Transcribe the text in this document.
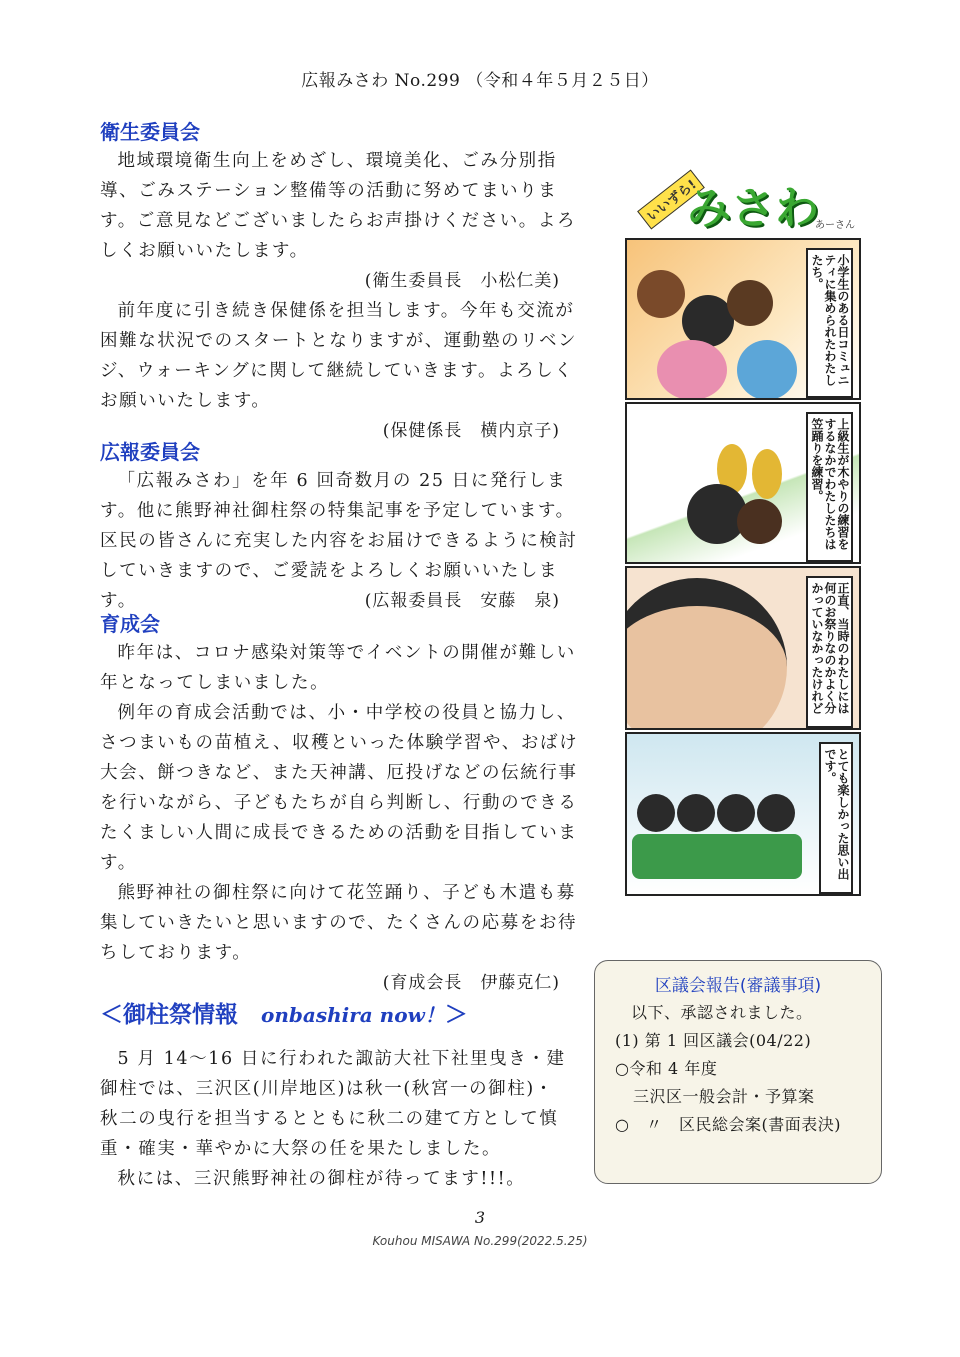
広報みさわ No.299 （令和４年５月２５日）
衛生委員会

地域環境衛生向上をめざし、環境美化、ごみ分別指導、ごみステーション整備等の活動に努めてまいります。ご意見などございましたらお声掛けください。よろしくお願いいたします。

(衛生委員長　小松仁美)

前年度に引き続き保健係を担当します。今年も交流が困難な状況でのスタートとなりますが、運動塾のリベンジ、ウォーキングに関して継続していきます。よろしくお願いいたします。

(保健係長　横内京子)
広報委員会

「広報みさわ」を年 6 回奇数月の 25 日に発行します。他に熊野神社御柱祭の特集記事を予定しています。区民の皆さんに充実した内容をお届けできるように検討していきますので、ご愛読をよろしくお願いいたします。	(広報委員長　安藤　泉)
育成会

昨年は、コロナ感染対策等でイベントの開催が難しい年となってしまいました。

例年の育成会活動では、小・中学校の役員と協力し、さつまいもの苗植え、収穫といった体験学習や、おばけ大会、餅つきなど、また天神講、厄投げなどの伝統行事を行いながら、子どもたちが自ら判断し、行動のできるたくましい人間に成長できるための活動を目指しています。

熊野神社の御柱祭に向けて花笠踊り、子ども木遣も募集していきたいと思いますので、たくさんの応募をお待ちしております。

(育成会長　伊藤克仁)
＜御柱祭情報　onbashira now！＞

5 月 14〜16 日に行われた諏訪大社下社里曳き・建御柱では、三沢区(川岸地区)は秋一(秋宮一の御柱)・秋二の曳行を担当するとともに秋二の建て方として慎重・確実・華やかに大祭の任を果たしました。

秋には、三沢熊野神社の御柱が待ってます!!!。

いいずら!
みさわ
あーさん
小学生のある日コミュニティに集められたわたしたち。
上級生が木やりの練習をするなかでわたしたちは笠踊りを練習。
正直、当時のわたしには何のお祭りなのかよく分かっていなかったけれど
とても楽しかった思い出です。
区議会報告(審議事項)
以下、承認されました。
(1) 第 1 回区議会(04/22)
○令和 4 年度
三沢区一般会計・予算案
○　〃　区民総会案(書面表決)
3
Kouhou MISAWA No.299(2022.5.25)
